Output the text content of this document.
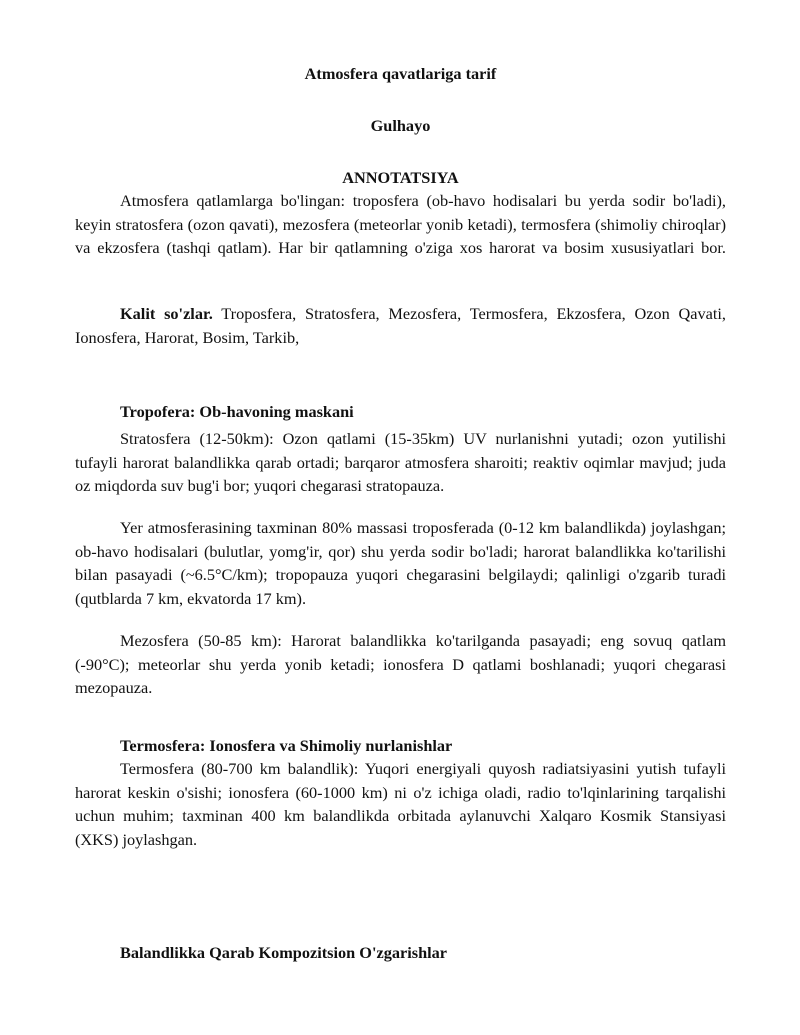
Atmosfera qavatlariga tarif

Gulhayo

ANNOTATSIYA

Atmosfera qatlamlarga bo'lingan: troposfera (ob-havo hodisalari bu yerda sodir bo'ladi), keyin stratosfera (ozon qavati), mezosfera (meteorlar yonib ketadi), termosfera (shimoliy chiroqlar) va ekzosfera (tashqi qatlam). Har bir qatlamning o'ziga xos harorat va bosim xususiyatlari bor.

Kalit so'zlar. Troposfera, Stratosfera, Mezosfera, Termosfera, Ekzosfera, Ozon Qavati, Ionosfera, Harorat, Bosim, Tarkib,

Tropofera: Ob-havoning maskani

Stratosfera (12-50km): Ozon qatlami (15-35km) UV nurlanishni yutadi; ozon yutilishi tufayli harorat balandlikka qarab ortadi; barqaror atmosfera sharoiti; reaktiv oqimlar mavjud; juda oz miqdorda suv bug'i bor; yuqori chegarasi stratopauza.

Yer atmosferasining taxminan 80% massasi troposferada (0-12 km balandlikda) joylashgan; ob-havo hodisalari (bulutlar, yomg'ir, qor) shu yerda sodir bo'ladi; harorat balandlikka ko'tarilishi bilan pasayadi (~6.5°C/km); tropopauza yuqori chegarasini belgilaydi; qalinligi o'zgarib turadi (qutblarda 7 km, ekvatorda 17 km).

Mezosfera (50-85 km): Harorat balandlikka ko'tarilganda pasayadi; eng sovuq qatlam (-90°C); meteorlar shu yerda yonib ketadi; ionosfera D qatlami boshlanadi; yuqori chegarasi mezopauza.

Termosfera: Ionosfera va Shimoliy nurlanishlar

Termosfera (80-700 km balandlik): Yuqori energiyali quyosh radiatsiyasini yutish tufayli harorat keskin o'sishi; ionosfera (60-1000 km) ni o'z ichiga oladi, radio to'lqinlarining tarqalishi uchun muhim; taxminan 400 km balandlikda orbitada aylanuvchi Xalqaro Kosmik Stansiyasi (XKS) joylashgan.

Balandlikka Qarab Kompozitsion O'zgarishlar
